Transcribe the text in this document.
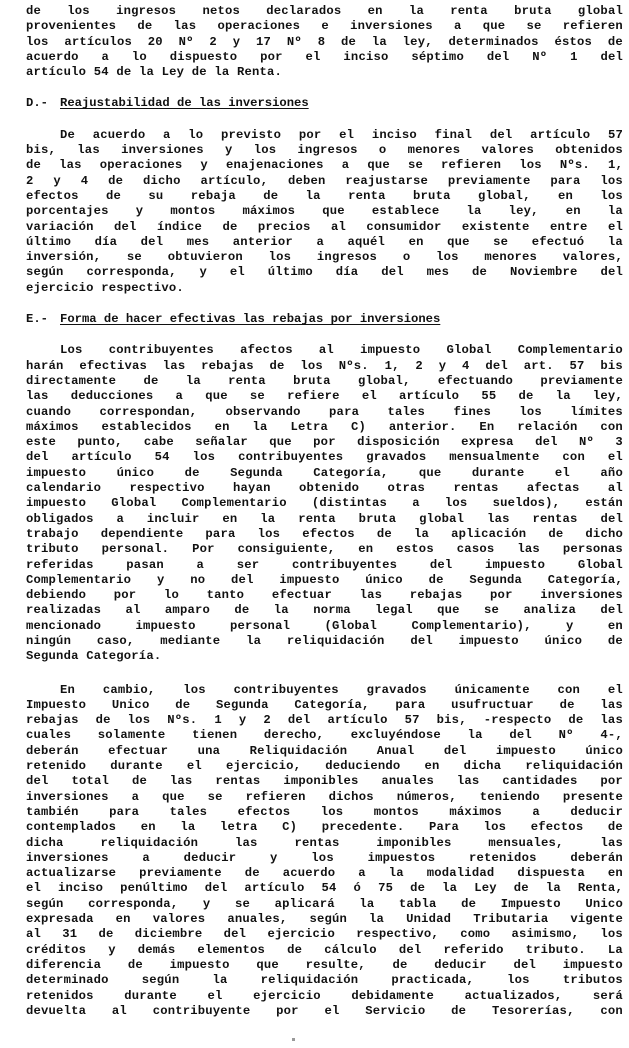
de los ingresos netos declarados en la renta bruta global
provenientes de las operaciones e inversiones a que se refieren
los artículos 20 Nº 2 y 17 Nº 8 de la ley, determinados éstos de
acuerdo a lo dispuesto por el inciso séptimo del Nº 1 del
artículo 54 de la Ley de la Renta.
D.- Reajustabilidad de las inversiones
De acuerdo a lo previsto por el inciso final del artículo 57
bis, las inversiones y los ingresos o menores valores obtenidos
de las operaciones y enajenaciones a que se refieren los Nºs. 1,
2 y 4 de dicho artículo, deben reajustarse previamente para los
efectos de su rebaja de la renta bruta global, en los
porcentajes y montos máximos que establece la ley, en la
variación del índice de precios al consumidor existente entre el
último día del mes anterior a aquél en que se efectuó la
inversión, se obtuvieron los ingresos o los menores valores,
según corresponda, y el último día del mes de Noviembre del
ejercicio respectivo.
E.- Forma de hacer efectivas las rebajas por inversiones
Los contribuyentes afectos al impuesto Global Complementario
harán efectivas las rebajas de los Nºs. 1, 2 y 4 del art. 57 bis
directamente de la renta bruta global, efectuando previamente
las deducciones a que se refiere el artículo 55 de la ley,
cuando correspondan, observando para tales fines los límites
máximos establecidos en la Letra C) anterior. En relación con
este punto, cabe señalar que por disposición expresa del Nº 3
del artículo 54 los contribuyentes gravados mensualmente con el
impuesto único de Segunda Categoría, que durante el año
calendario respectivo hayan obtenido otras rentas afectas al
impuesto Global Complementario (distintas a los sueldos), están
obligados a incluir en la renta bruta global las rentas del
trabajo dependiente para los efectos de la aplicación de dicho
tributo personal. Por consiguiente, en estos casos las personas
referidas	pasan	a	ser	contribuyentes	del	impuesto	Global
Complementario y no del impuesto único de Segunda Categoría,
debiendo por lo tanto efectuar las rebajas por inversiones
realizadas al amparo de la norma legal que se analiza del
mencionado	impuesto	personal	(Global	Complementario),	y	en
ningún caso, mediante la reliquidación del impuesto único de
Segunda Categoría.
En cambio, los contribuyentes gravados únicamente con el
Impuesto Unico de Segunda Categoría, para usufructuar de las
rebajas de los Nºs. 1 y 2 del artículo 57 bis, -respecto de las
cuales solamente tienen derecho, excluyéndose la del Nº 4-,
deberán efectuar una Reliquidación Anual del impuesto único
retenido durante el ejercicio, deduciendo en dicha reliquidación
del total de las rentas imponibles anuales las cantidades por
inversiones a que se refieren dichos números, teniendo presente
también para tales efectos los montos máximos a deducir
contemplados en la letra C) precedente. Para los efectos de
dicha	reliquidación	las	rentas	imponibles	mensuales,	las
inversiones	a	deducir	y	los	impuestos	retenidos	deberán
actualizarse previamente de acuerdo a la modalidad dispuesta en
el inciso penúltimo del artículo 54 ó 75 de la Ley de la Renta,
según corresponda, y se aplicará la tabla de Impuesto Unico
expresada en valores anuales, según la Unidad Tributaria vigente
al 31 de diciembre del ejercicio respectivo, como asimismo, los
créditos y demás elementos de cálculo del referido tributo. La
diferencia de impuesto que resulte, de deducir del impuesto
determinado	según	la	reliquidación	practicada,	los	tributos
retenidos	durante	el	ejercicio	debidamente	actualizados,	será
devuelta al contribuyente por el Servicio de Tesorerías, con
